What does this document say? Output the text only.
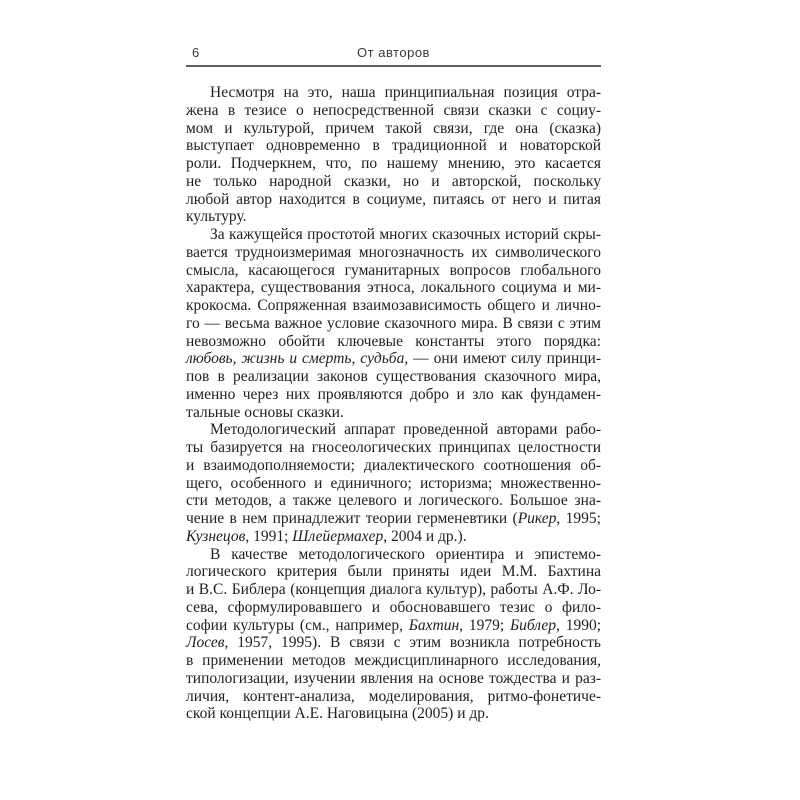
6	От авторов
Несмотря на это, наша принципиальная позиция отра-
жена в тезисе о непосредственной связи сказки с социу-
мом и культурой, причем такой связи, где она (сказка)
выступает одновременно в традиционной и новаторской
роли. Подчеркнем, что, по нашему мнению, это касается
не только народной сказки, но и авторской, поскольку
любой автор находится в социуме, питаясь от него и питая
культуру.
За кажущейся простотой многих сказочных историй скры-
вается трудноизмеримая многозначность их символического
смысла, касающегося гуманитарных вопросов глобального
характера, существования этноса, локального социума и ми-
крокосма. Сопряженная взаимозависимость общего и лично-
го — весьма важное условие сказочного мира. В связи с этим
невозможно обойти ключевые константы этого порядка:
любовь, жизнь и смерть, судьба, — они имеют силу принци-
пов в реализации законов существования сказочного мира,
именно через них проявляются добро и зло как фундамен-
тальные основы сказки.
Методологический аппарат проведенной авторами рабо-
ты базируется на гносеологических принципах целостности
и взаимодополняемости; диалектического соотношения об-
щего, особенного и единичного; историзма; множественно-
сти методов, а также целевого и логического. Большое зна-
чение в нем принадлежит теории герменевтики (Рикер, 1995;
Кузнецов, 1991; Шлейермахер, 2004 и др.).
В качестве методологического ориентира и эпистемо-
логического критерия были приняты идеи М.М. Бахтина
и В.С. Библера (концепция диалога культур), работы А.Ф. Ло-
сева, сформулировавшего и обосновавшего тезис о фило-
софии культуры (см., например, Бахтин, 1979; Библер, 1990;
Лосев, 1957, 1995). В связи с этим возникла потребность
в применении методов междисциплинарного исследования,
типологизации, изучении явления на основе тождества и раз-
личия, контент-анализа, моделирования, ритмо-фонетиче-
ской концепции А.Е. Наговицына (2005) и др.
